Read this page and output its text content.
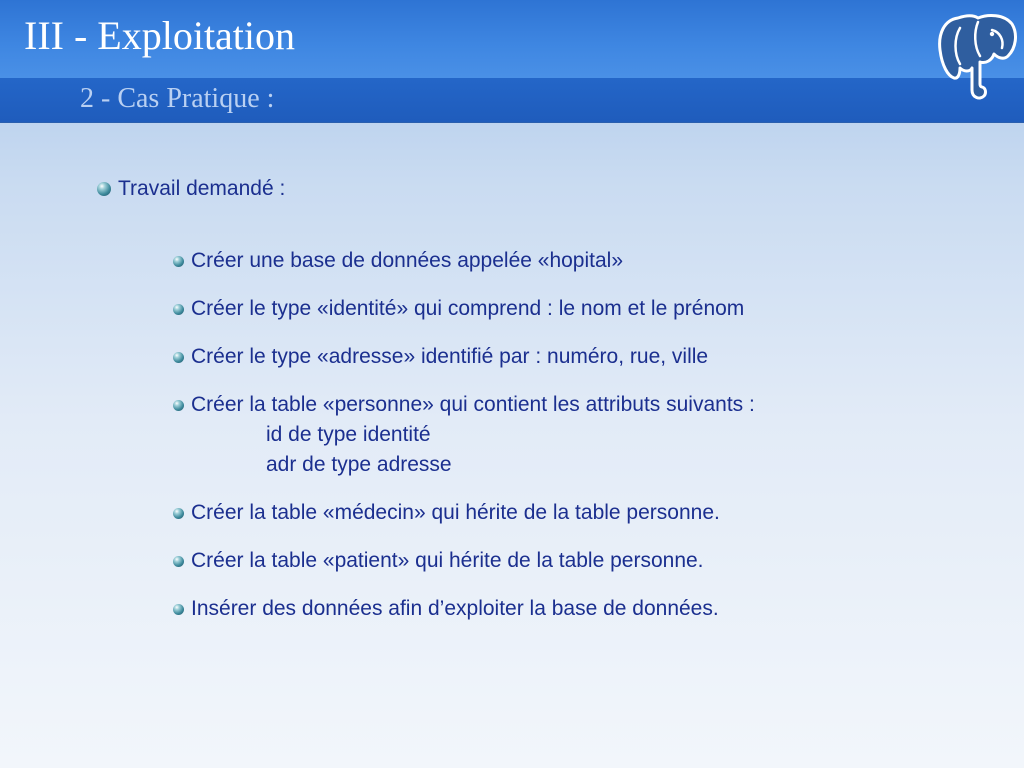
III - Exploitation
2 - Cas Pratique :
Travail demandé :
Créer une base de données appelée «hopital»
Créer le type «identité» qui comprend : le nom et le prénom
Créer le type «adresse» identifié par : numéro, rue, ville
Créer la table «personne» qui contient les attributs suivants :
id de type identité
adr de type adresse
Créer la table «médecin» qui hérite de la table personne.
Créer la table «patient» qui hérite de la table personne.
Insérer des données afin d’exploiter la base de données.
